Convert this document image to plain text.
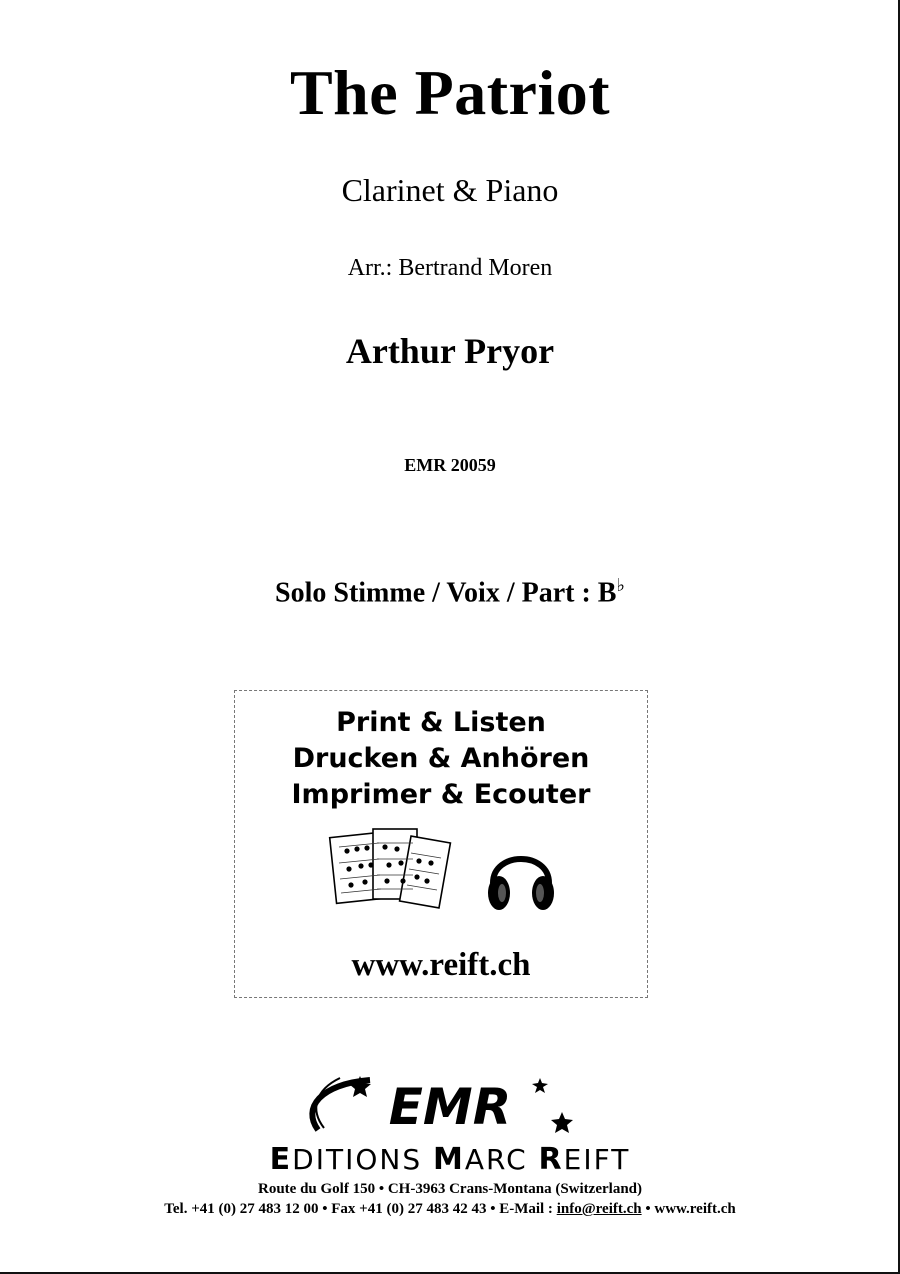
The Patriot
Clarinet & Piano
Arr.: Bertrand Moren
Arthur Pryor
EMR 20059
Solo Stimme / Voix / Part : B♭
Print & Listen
Drucken & Anhören
Imprimer & Ecouter
www.reift.ch
EMR
EDITIONS MARC REIFT
Route du Golf 150 • CH-3963 Crans-Montana (Switzerland)
Tel. +41 (0) 27 483 12 00 • Fax +41 (0) 27 483 42 43 • E-Mail : info@reift.ch • www.reift.ch
